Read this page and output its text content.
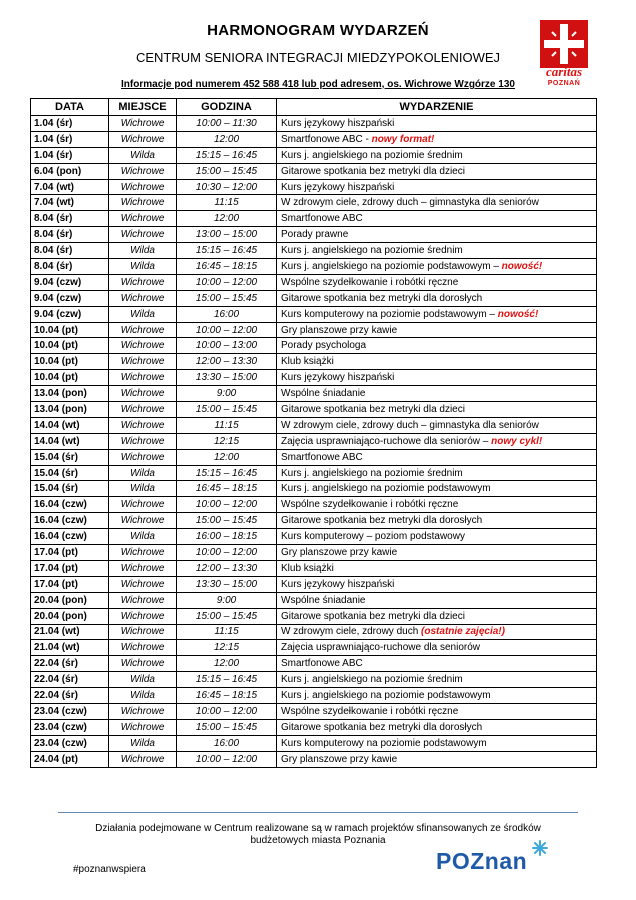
HARMONOGRAM WYDARZEŃ
CENTRUM SENIORA INTEGRACJI MIEDZYPOKOLENIOWEJ
Informacje pod numerem 452 588 418 lub pod adresem, os. Wichrowe Wzgórze 130
caritas
POZNAŃ
DATA	MIEJSCE	GODZINA	WYDARZENIE
1.04 (śr)	Wichrowe	10:00 – 11:30	Kurs językowy hiszpański
1.04 (śr)	Wichrowe	12:00	Smartfonowe ABC - nowy format!
1.04 (śr)	Wilda	15:15 – 16:45	Kurs j. angielskiego na poziomie średnim
6.04 (pon)	Wichrowe	15:00 – 15:45	Gitarowe spotkania bez metryki dla dzieci
7.04 (wt)	Wichrowe	10:30 – 12:00	Kurs językowy hiszpański
7.04 (wt)	Wichrowe	11:15	W zdrowym ciele, zdrowy duch – gimnastyka dla seniorów
8.04 (śr)	Wichrowe	12:00	Smartfonowe ABC
8.04 (śr)	Wichrowe	13:00 – 15:00	Porady prawne
8.04 (śr)	Wilda	15:15 – 16:45	Kurs j. angielskiego na poziomie średnim
8.04 (śr)	Wilda	16:45 – 18:15	Kurs j. angielskiego na poziomie podstawowym – nowość!
9.04 (czw)	Wichrowe	10:00 – 12:00	Wspólne szydełkowanie i robótki ręczne
9.04 (czw)	Wichrowe	15:00 – 15:45	Gitarowe spotkania bez metryki dla dorosłych
9.04 (czw)	Wilda	16:00	Kurs komputerowy na poziomie podstawowym – nowość!
10.04 (pt)	Wichrowe	10:00 – 12:00	Gry planszowe przy kawie
10.04 (pt)	Wichrowe	10:00 – 13:00	Porady psychologa
10.04 (pt)	Wichrowe	12:00 – 13:30	Klub książki
10.04 (pt)	Wichrowe	13:30 – 15:00	Kurs językowy hiszpański
13.04 (pon)	Wichrowe	9:00	Wspólne śniadanie
13.04 (pon)	Wichrowe	15:00 – 15:45	Gitarowe spotkania bez metryki dla dzieci
14.04 (wt)	Wichrowe	11:15	W zdrowym ciele, zdrowy duch – gimnastyka dla seniorów
14.04 (wt)	Wichrowe	12:15	Zajęcia usprawniająco-ruchowe dla seniorów – nowy cykl!
15.04 (śr)	Wichrowe	12:00	Smartfonowe ABC
15.04 (śr)	Wilda	15:15 – 16:45	Kurs j. angielskiego na poziomie średnim
15.04 (śr)	Wilda	16:45 – 18:15	Kurs j. angielskiego na poziomie podstawowym
16.04 (czw)	Wichrowe	10:00 – 12:00	Wspólne szydełkowanie i robótki ręczne
16.04 (czw)	Wichrowe	15:00 – 15:45	Gitarowe spotkania bez metryki dla dorosłych
16.04 (czw)	Wilda	16:00 – 18:15	Kurs komputerowy – poziom podstawowy
17.04 (pt)	Wichrowe	10:00 – 12:00	Gry planszowe przy kawie
17.04 (pt)	Wichrowe	12:00 – 13:30	Klub książki
17.04 (pt)	Wichrowe	13:30 – 15:00	Kurs językowy hiszpański
20.04 (pon)	Wichrowe	9:00	Wspólne śniadanie
20.04 (pon)	Wichrowe	15:00 – 15:45	Gitarowe spotkania bez metryki dla dzieci
21.04 (wt)	Wichrowe	11:15	W zdrowym ciele, zdrowy duch (ostatnie zajęcia!)
21.04 (wt)	Wichrowe	12:15	Zajęcia usprawniająco-ruchowe dla seniorów
22.04 (śr)	Wichrowe	12:00	Smartfonowe ABC
22.04 (śr)	Wilda	15:15 – 16:45	Kurs j. angielskiego na poziomie średnim
22.04 (śr)	Wilda	16:45 – 18:15	Kurs j. angielskiego na poziomie podstawowym
23.04 (czw)	Wichrowe	10:00 – 12:00	Wspólne szydełkowanie i robótki ręczne
23.04 (czw)	Wichrowe	15:00 – 15:45	Gitarowe spotkania bez metryki dla dorosłych
23.04 (czw)	Wilda	16:00	Kurs komputerowy na poziomie podstawowym
24.04 (pt)	Wichrowe	10:00 – 12:00	Gry planszowe przy kawie
Działania podejmowane w Centrum realizowane są w ramach projektów sfinansowanych ze środków budżetowych miasta Poznania
#poznanwspiera	POZnan
